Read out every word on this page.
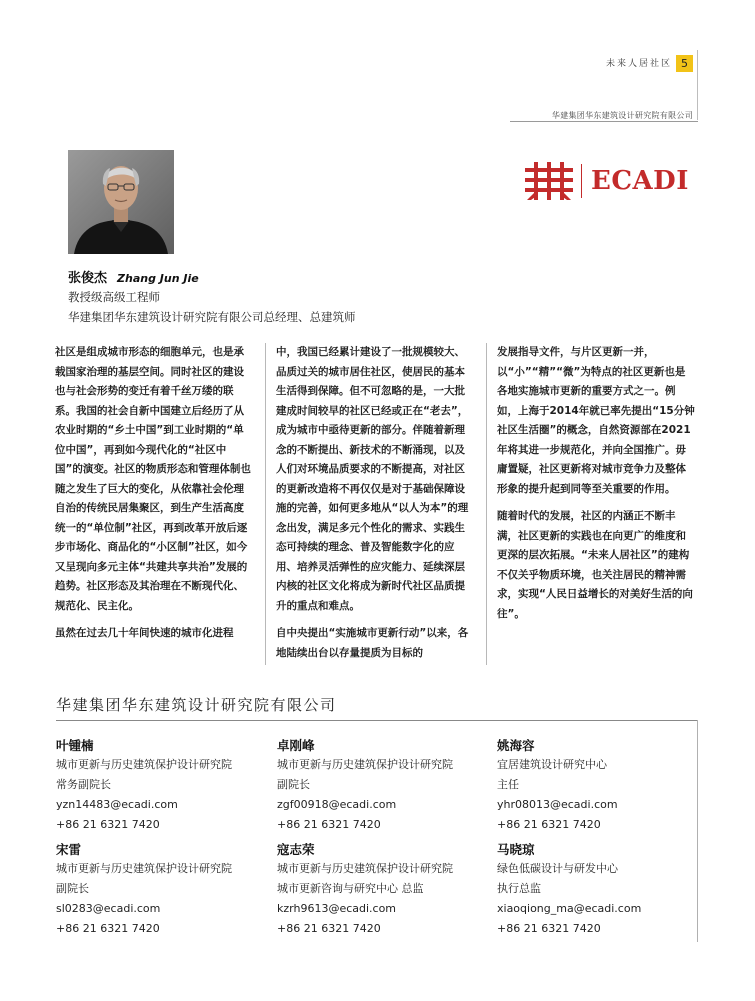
未来人居社区 5
华建集团华东建筑设计研究院有限公司
ECADI
张俊杰 Zhang Jun Jie
教授级高级工程师
华建集团华东建筑设计研究院有限公司总经理、总建筑师

社区是组成城市形态的细胞单元，也是承载国家治理的基层空间。同时社区的建设也与社会形势的变迁有着千丝万缕的联系。我国的社会自新中国建立后经历了从农业时期的“乡土中国”到工业时期的“单位中国”，再到如今现代化的“社区中国”的演变。社区的物质形态和管理体制也随之发生了巨大的变化，从依靠社会伦理自治的传统民居集聚区，到生产生活高度统一的“单位制”社区，再到改革开放后逐步市场化、商品化的“小区制”社区，如今又呈现向多元主体“共建共享共治”发展的趋势。社区形态及其治理在不断现代化、规范化、民主化。

虽然在过去几十年间快速的城市化进程

中，我国已经累计建设了一批规模较大、品质过关的城市居住社区，使居民的基本生活得到保障。但不可忽略的是，一大批建成时间较早的社区已经或正在“老去”，成为城市中亟待更新的部分。伴随着新理念的不断提出、新技术的不断涌现，以及人们对环境品质要求的不断提高，对社区的更新改造将不再仅仅是对于基础保障设施的完善，如何更多地从“以人为本”的理念出发，满足多元个性化的需求、实践生态可持续的理念、普及智能数字化的应用、培养灵活弹性的应灾能力、延续深层内核的社区文化将成为新时代社区品质提升的重点和难点。

自中央提出“实施城市更新行动”以来，各地陆续出台以存量提质为目标的

发展指导文件，与片区更新一并，以“小”“精”“微”为特点的社区更新也是各地实施城市更新的重要方式之一。例如，上海于2014年就已率先提出“15分钟社区生活圈”的概念，自然资源部在2021年将其进一步规范化，并向全国推广。毋庸置疑，社区更新将对城市竞争力及整体形象的提升起到同等至关重要的作用。

随着时代的发展，社区的内涵正不断丰满，社区更新的实践也在向更广的维度和更深的层次拓展。“未来人居社区”的建构不仅关乎物质环境，也关注居民的精神需求，实现“人民日益增长的对美好生活的向往”。

华建集团华东建筑设计研究院有限公司
叶锺楠
城市更新与历史建筑保护设计研究院
常务副院长
yzn14483@ecadi.com
+86 21 6321 7420
卓刚峰
城市更新与历史建筑保护设计研究院
副院长
zgf00918@ecadi.com
+86 21 6321 7420
姚海容
宜居建筑设计研究中心
主任
yhr08013@ecadi.com
+86 21 6321 7420
宋雷
城市更新与历史建筑保护设计研究院
副院长
sl0283@ecadi.com
+86 21 6321 7420
寇志荣
城市更新与历史建筑保护设计研究院
城市更新咨询与研究中心 总监
kzrh9613@ecadi.com
+86 21 6321 7420
马晓琼
绿色低碳设计与研发中心
执行总监
xiaoqiong_ma@ecadi.com
+86 21 6321 7420
